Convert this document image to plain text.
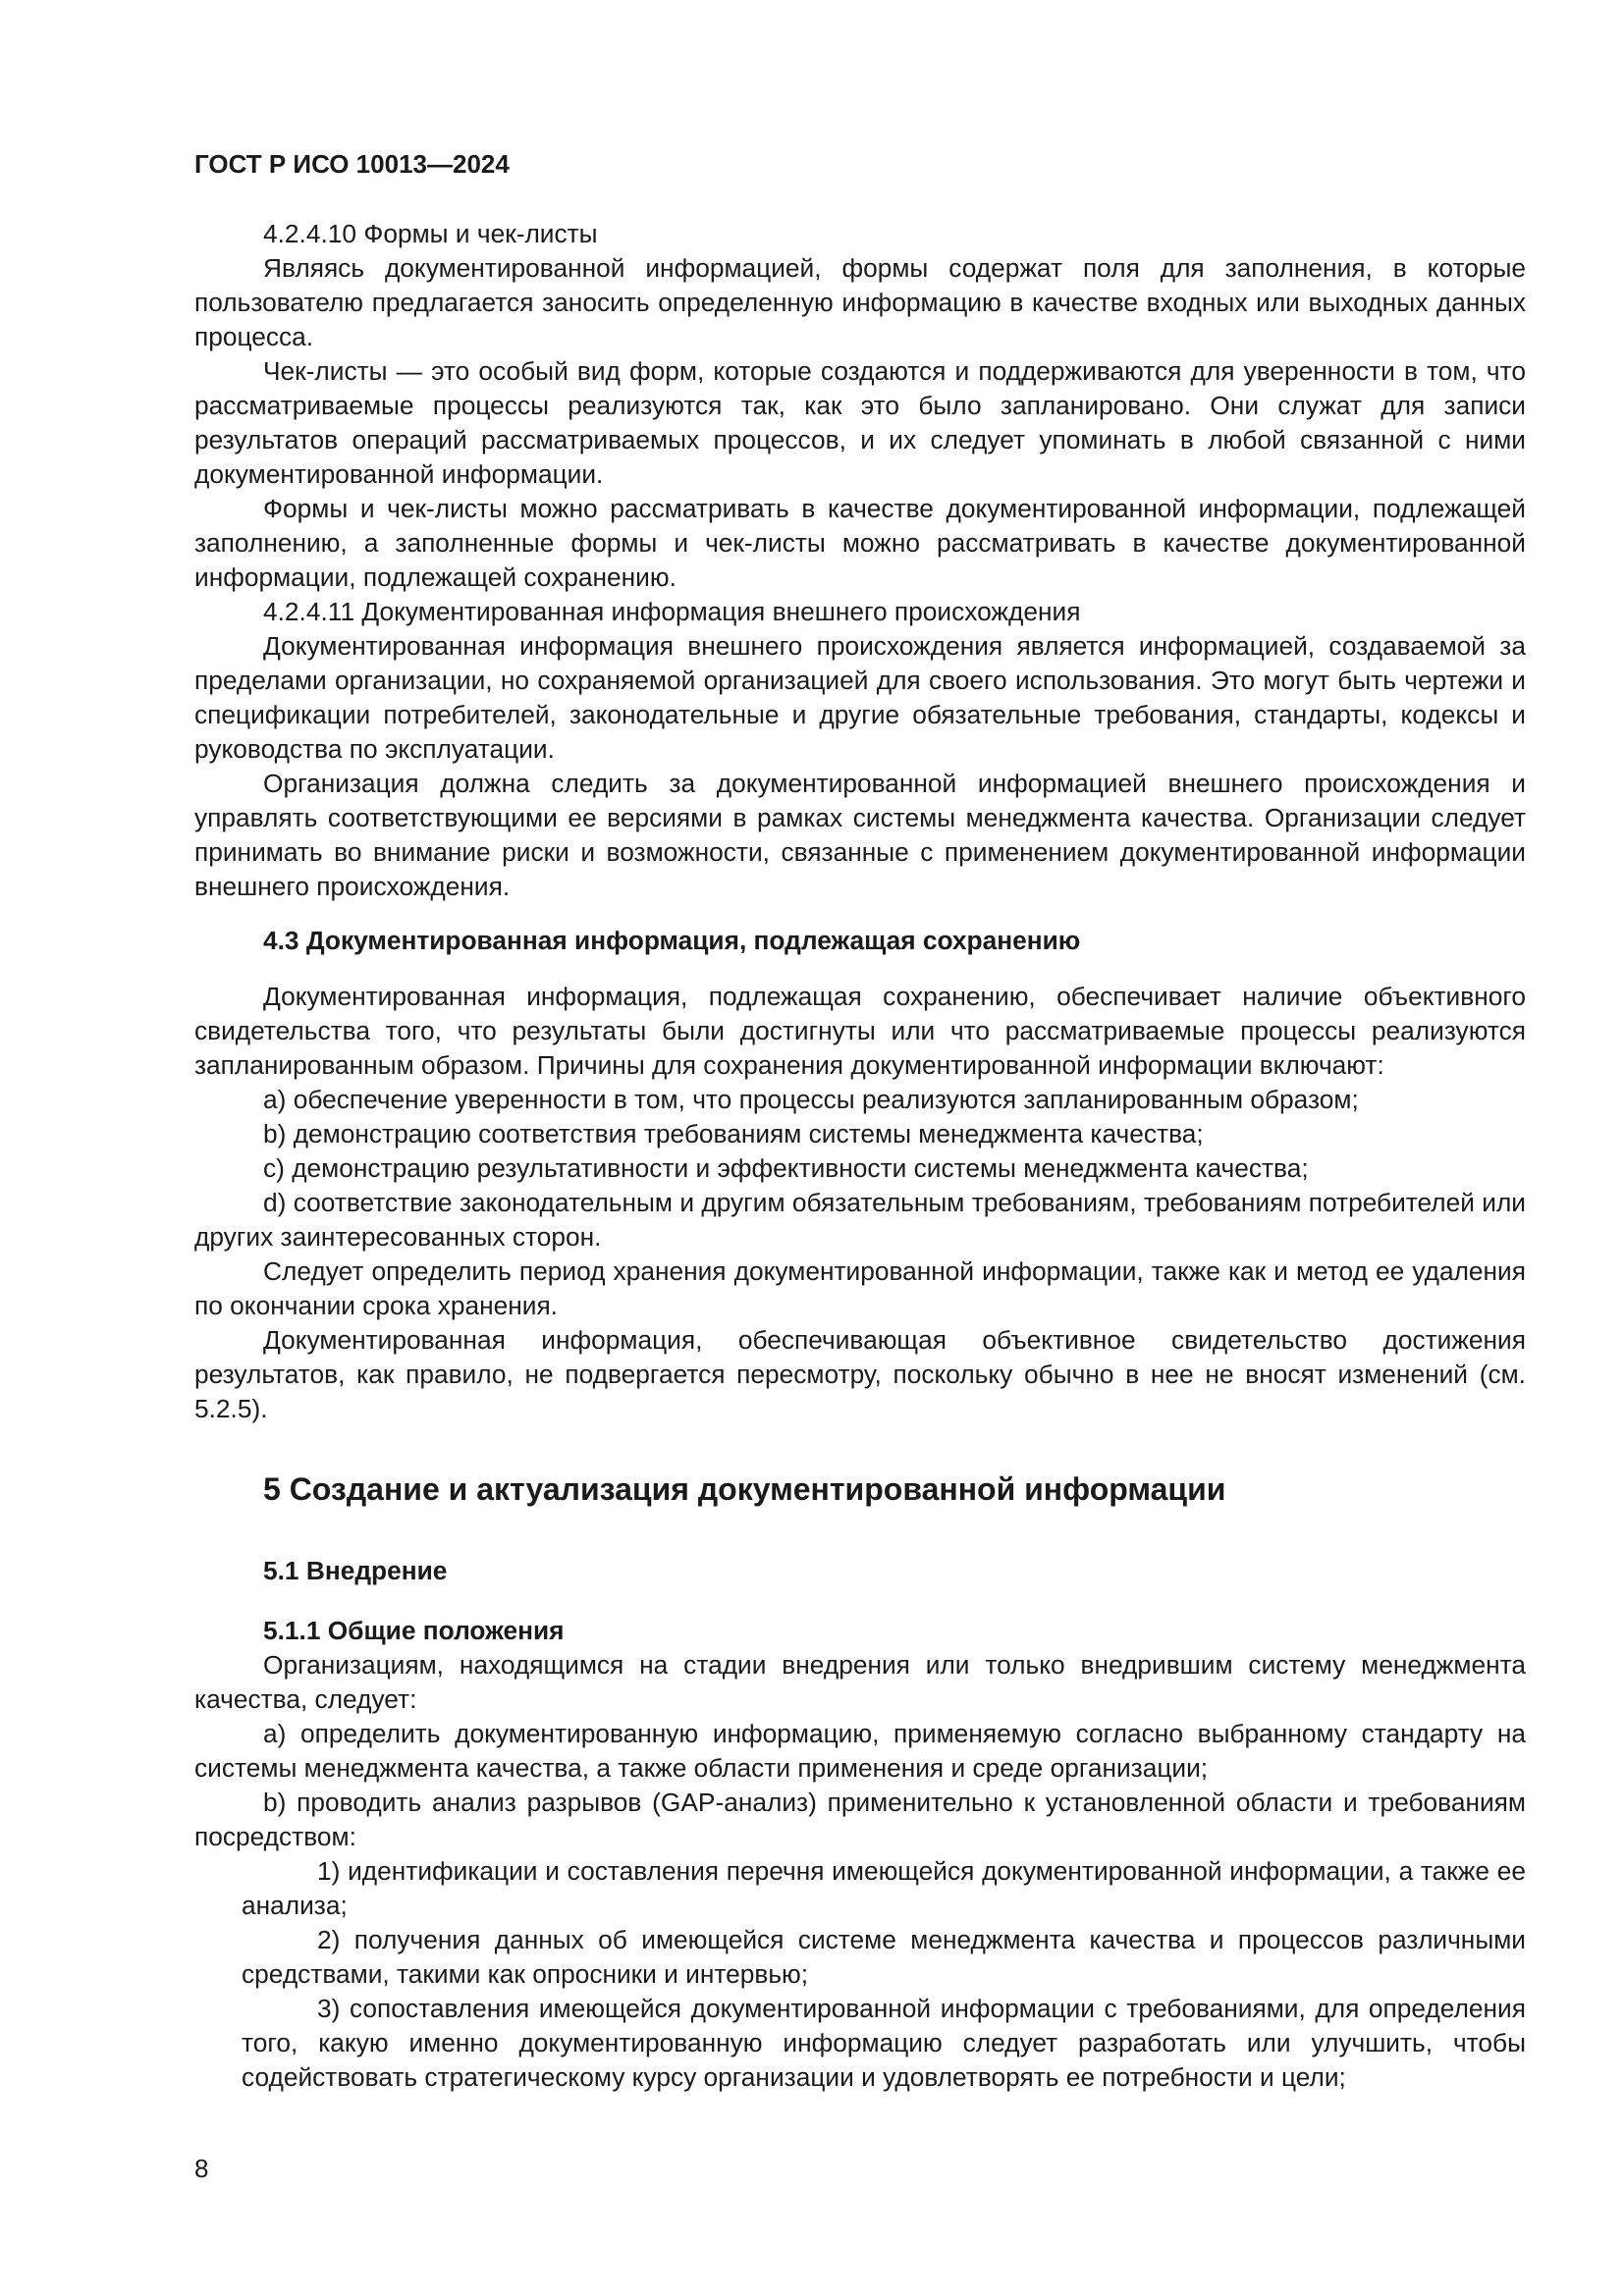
ГОСТ Р ИСО 10013—2024

4.2.4.10 Формы и чек-листы

Являясь документированной информацией, формы содержат поля для заполнения, в которые пользователю предлагается заносить определенную информацию в качестве входных или выходных данных процесса.

Чек-листы — это особый вид форм, которые создаются и поддерживаются для уверенности в том, что рассматриваемые процессы реализуются так, как это было запланировано. Они служат для записи результатов операций рассматриваемых процессов, и их следует упоминать в любой связанной с ними документированной информации.

Формы и чек-листы можно рассматривать в качестве документированной информации, подлежащей заполнению, а заполненные формы и чек-листы можно рассматривать в качестве документированной информации, подлежащей сохранению.

4.2.4.11 Документированная информация внешнего происхождения

Документированная информация внешнего происхождения является информацией, создаваемой за пределами организации, но сохраняемой организацией для своего использования. Это могут быть чертежи и спецификации потребителей, законодательные и другие обязательные требования, стандарты, кодексы и руководства по эксплуатации.

Организация должна следить за документированной информацией внешнего происхождения и управлять соответствующими ее версиями в рамках системы менеджмента качества. Организации следует принимать во внимание риски и возможности, связанные с применением документированной информации внешнего происхождения.

4.3 Документированная информация, подлежащая сохранению

Документированная информация, подлежащая сохранению, обеспечивает наличие объективного свидетельства того, что результаты были достигнуты или что рассматриваемые процессы реализуются запланированным образом. Причины для сохранения документированной информации включают:

a) обеспечение уверенности в том, что процессы реализуются запланированным образом;

b) демонстрацию соответствия требованиям системы менеджмента качества;

c) демонстрацию результативности и эффективности системы менеджмента качества;

d) соответствие законодательным и другим обязательным требованиям, требованиям потребителей или других заинтересованных сторон.

Следует определить период хранения документированной информации, также как и метод ее удаления по окончании срока хранения.

Документированная информация, обеспечивающая объективное свидетельство достижения результатов, как правило, не подвергается пересмотру, поскольку обычно в нее не вносят изменений (см. 5.2.5).

5 Создание и актуализация документированной информации
5.1 Внедрение
5.1.1 Общие положения

Организациям, находящимся на стадии внедрения или только внедрившим систему менеджмента качества, следует:

a) определить документированную информацию, применяемую согласно выбранному стандарту на системы менеджмента качества, а также области применения и среде организации;

b) проводить анализ разрывов (GAP-анализ) применительно к установленной области и требованиям посредством:

1) идентификации и составления перечня имеющейся документированной информации, а также ее анализа;

2) получения данных об имеющейся системе менеджмента качества и процессов различными средствами, такими как опросники и интервью;

3) сопоставления имеющейся документированной информации с требованиями, для определения того, какую именно документированную информацию следует разработать или улучшить, чтобы содействовать стратегическому курсу организации и удовлетворять ее потребности и цели;

8
